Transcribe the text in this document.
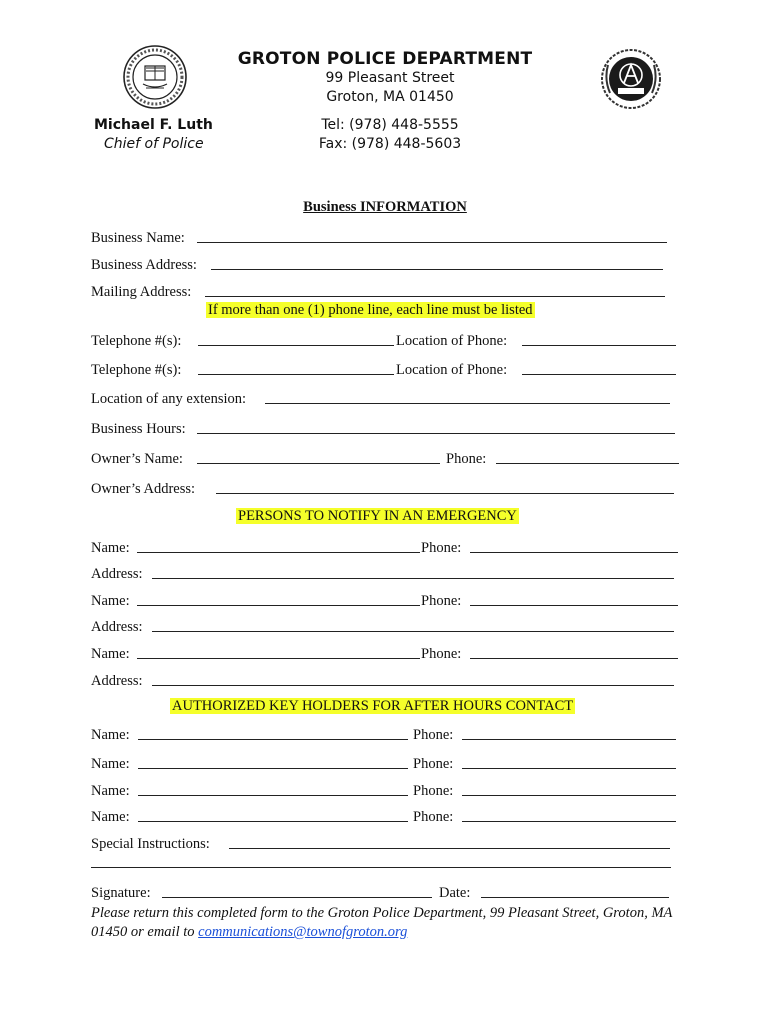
GROTON POLICE DEPARTMENT
99 Pleasant Street
Groton, MA 01450
Tel: (978) 448-5555
Fax: (978) 448-5603
Michael F. Luth
Chief of Police
Business INFORMATION
Business Name:
Business Address:
Mailing Address:
If more than one (1) phone line, each line must be listed
Telephone #(s):	Location of Phone:
Telephone #(s):	Location of Phone:
Location of any extension:
Business Hours:
Owner’s Name:	Phone:
Owner’s Address:
PERSONS TO NOTIFY IN AN EMERGENCY
Name:	Phone:
Address:
Name:	Phone:
Address:
Name:	Phone:
Address:
AUTHORIZED KEY HOLDERS FOR AFTER HOURS CONTACT
Name:	Phone:
Name:	Phone:
Name:	Phone:
Name:	Phone:
Special Instructions:
Signature:	Date:
Please return this completed form to the Groton Police Department, 99 Pleasant Street, Groton, MA 01450 or email to communications@townofgroton.org
